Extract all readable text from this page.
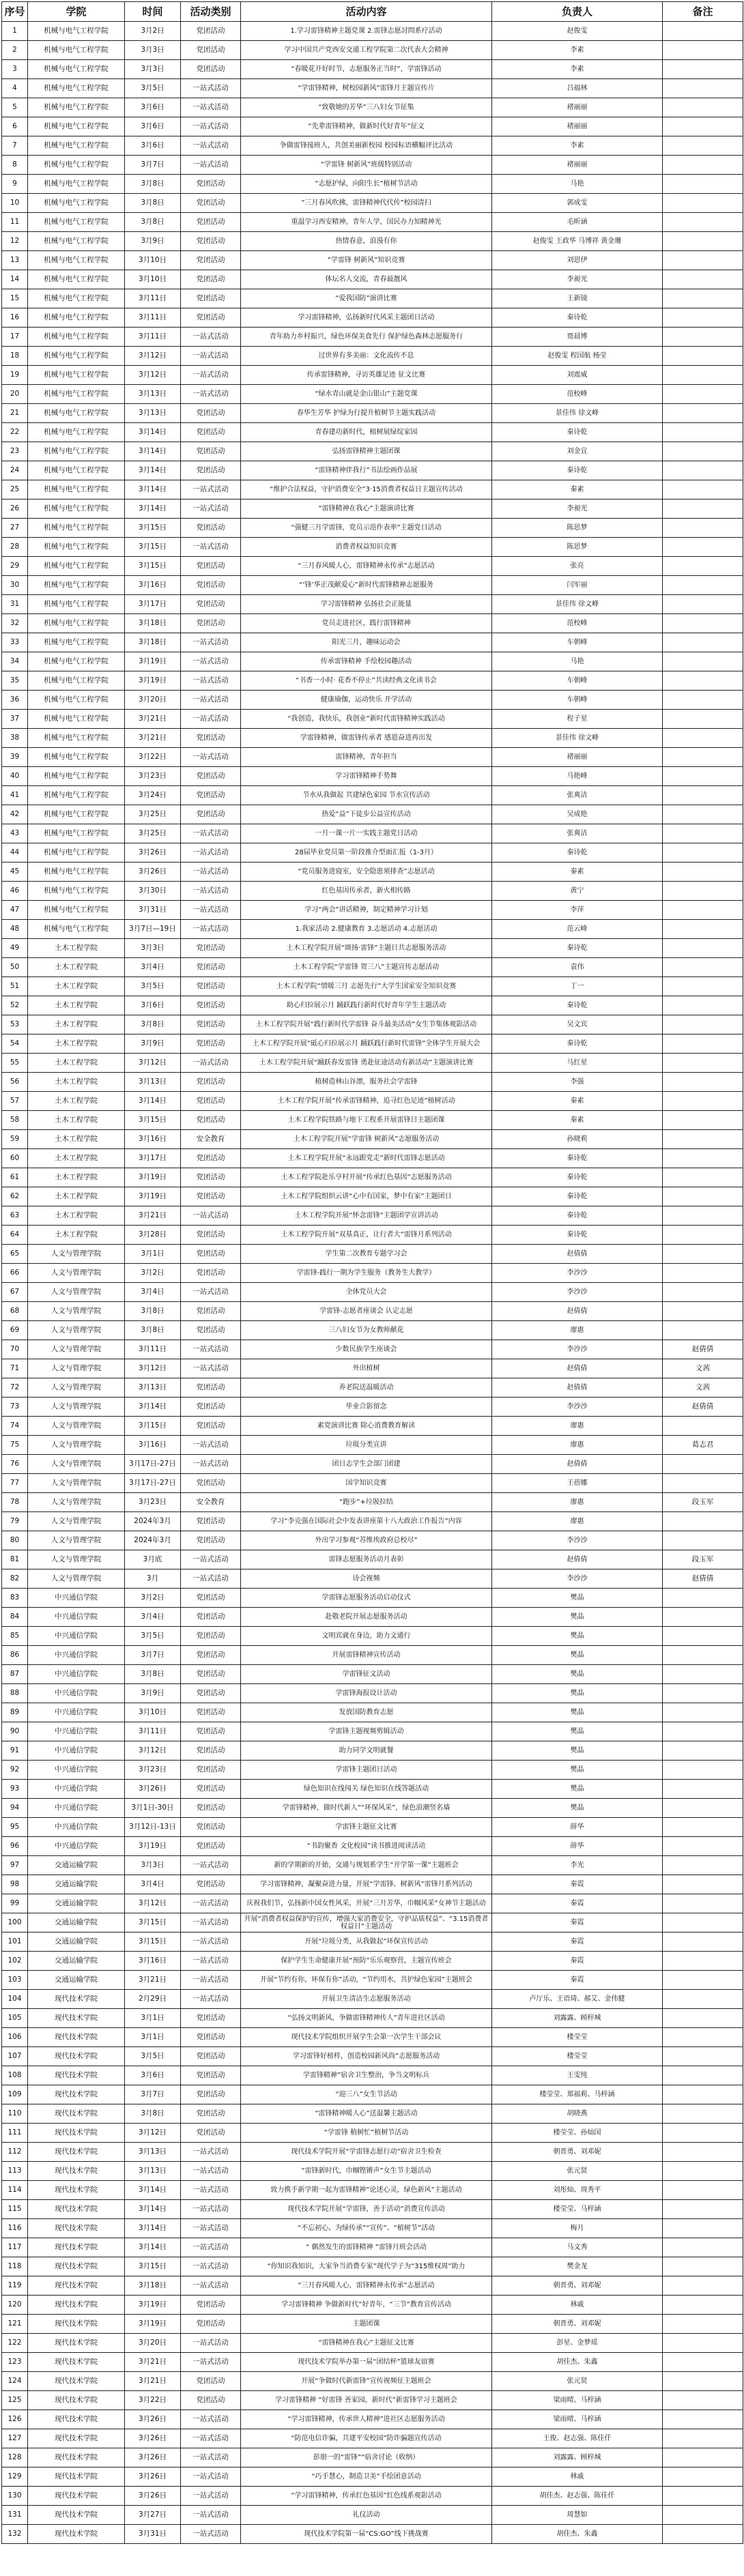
序号	学院	时间	活动类别	活动内容	负责人	备注
1	机械与电气工程学院	3月2日	党团活动	1.学习雷锋精神主题党课 2.雷锋志愿討問系疗活动	赵俊雯	
2	机械与电气工程学院	3月3日	党团活动	学习中国共产党西安交通工程学院第二次代表大会精神	李素	
3	机械与电气工程学院	3月3日	党团活动	“春暖花开好时节，志愿服务正当时”，学雷锋活动	李素	
4	机械与电气工程学院	3月5日	一站式活动	“学雷锋精神，树校园新风”雷锋月主题宣传片	吕福林	
5	机械与电气工程学院	3月6日	一站式活动	“致敬她的芳华”三八妇女节征集	褚丽丽	
6	机械与电气工程学院	3月6日	一站式活动	“先辈雷锋精神，做新时代好青年”征文	褚丽丽	
7	机械与电气工程学院	3月6日	一站式活动	争做雷锋接班人，共创美丽新校园 校园标语横幅评比活动	李素	
8	机械与电气工程学院	3月7日	一站式活动	“学雷锋 树新风”班级特别活动	褚丽丽	
9	机械与电气工程学院	3月8日	党团活动	“志愿护绿，向阳生长”植树节活动	马艳	
10	机械与电气工程学院	3月8日	党团活动	“三月春风吹拂，雷锋精神代代传”校园清扫	郭成雯	
11	机械与电气工程学院	3月8日	党团活动	重温学习西安精神，青年人学，国民办力知精神光	毛昕涵	
12	机械与电气工程学院	3月9日	党团活动	热情春意，浪漫有你	赵俊雯 王政华 马博祥 黄金珊	
13	机械与电气工程学院	3月10日	党团活动	“学雷锋 树新风”知识竞赛	刘思伊	
14	机械与电气工程学院	3月10日	党团活动	体坛名人交流，青春最靓风	李昶光	
15	机械与电气工程学院	3月11日	党团活动	“爱我国防”演讲比赛	王新镜	
16	机械与电气工程学院	3月11日	党团活动	学习雷锋精神，弘扬新时代风采主题团日活动	秦诗乾	
17	机械与电气工程学院	3月11日	一站式活动	青年助力乡村振兴，绿色环保美食先行 保护绿色森林志愿服务行	贾晨博	
18	机械与电气工程学院	3月12日	一站式活动	过世界有多美丽：文化流传不息	赵俊雯 程国航 杨莹	
19	机械与电气工程学院	3月12日	一站式活动	传承雷锋精神，寻访英雄足迹 征文比赛	刘震威	
20	机械与电气工程学院	3月13日	一站式活动	“绿水青山就是金山银山”主题党课	范校峰	
21	机械与电气工程学院	3月13日	党团活动	春华生芳华 护绿为行提升植树节主题实践活动	景佳伟 徐文峰	
22	机械与电气工程学院	3月14日	党团活动	青春建功新时代，植树展绿绽家园	秦诗乾	
23	机械与电气工程学院	3月14日	党团活动	弘扬雷锋精神主题团课	刘金宜	
24	机械与电气工程学院	3月14日	党团活动	“雷锋精神伴我行”书法绘画作品展	秦诗乾	
25	机械与电气工程学院	3月14日	一站式活动	“维护合法权益，守护消费安全”3·15消费者权益日主题宣传活动	秦素	
26	机械与电气工程学院	3月14日	一站式活动	“雷锋精神在我心”主题演讲比赛	李昶光	
27	机械与电气工程学院	3月15日	党团活动	“强健三月学雷锋，党员示范作表率”主题党日活动	陈思梦	
28	机械与电气工程学院	3月15日	一站式活动	消费者权益知识竞赛	陈思梦	
29	机械与电气工程学院	3月15日	党团活动	“三月春风暖人心，雷锋精神永传承”志愿活动	张亮	
30	机械与电气工程学院	3月16日	党团活动	“‘锋’华正茂献爱心”新时代雷锋精神志愿服务	闫军丽	
31	机械与电气工程学院	3月17日	党团活动	学习雷锋精神 弘扬社会正能量	景佳伟 徐文峰	
32	机械与电气工程学院	3月18日	党团活动	党员走进社区，践行雷锋精神	范校峰	
33	机械与电气工程学院	3月18日	一站式活动	阳光三月，趣味运动会	车朝峰	
34	机械与电气工程学院	3月19日	一站式活动	传承雷锋精神 手绘校园趣活动	马艳	
35	机械与电气工程学院	3月19日	一站式活动	“书香一小时· 花香不停止”共读经典文化读书会	车朝峰	
36	机械与电气工程学院	3月20日	一站式活动	健康瑜伽，运动快乐 开学活动	车朝峰	
37	机械与电气工程学院	3月21日	一站式活动	“我创造，我快乐，我创业”新时代雷锋精神实践活动	程子星	
38	机械与电气工程学院	3月21日	党团活动	学雷锋精神，做雷锋传承者 感恩奋进再出发	景佳伟 徐文峰	
39	机械与电气工程学院	3月22日	一站式活动	雷锋精神，青年担当	褚丽丽	
40	机械与电气工程学院	3月23日	党团活动	学习雷锋精神手势舞	马艳峰	
41	机械与电气工程学院	3月24日	党团活动	节水从我做起 共建绿色家园 节水宣传活动	张爽洁	
42	机械与电气工程学院	3月25日	党团活动	热爱“益”下徒步公益宣传活动	吴成艳	
43	机械与电气工程学院	3月25日	一站式活动	一月一课一片一实践主题党日活动	张爽洁	
44	机械与电气工程学院	3月26日	一站式活动	28届毕业党员第一阶段推介型面汇报（1-3月）	秦诗乾	
45	机械与电气工程学院	3月26日	一站式活动	“党员服务进寝室，安全隐患须排查”志愿活动	秦素	
46	机械与电气工程学院	3月30日	一站式活动	红色基因传承者，新火相传路	黄宁	
47	机械与电气工程学院	3月31日	一站式活动	学习“两会”讲话精神，制定精神学习计划	李萍	
48	机械与电气工程学院	3月7日—19日	一站式活动	1.我家活动 2.健康教育 3.志愿活动 4.志愿活动	范云峰	
49	土木工程学院	3月3日	党团活动	土木工程学院开展“颂扬·雷锋”主题日共志愿服务活动	秦诗乾	
50	土木工程学院	3月4日	党团活动	土木工程学院“学雷锋 贺三八”主题宣传志愿活动	袁伟	
51	土木工程学院	3月5日	党团活动	土木工程学院“情暖三月 志愿先行”大学生国家安全知识竞赛	丁一	
52	土木工程学院	3月6日	党团活动	助心归拉展示月 踊跃践行新时代好青年学生主题活动	秦诗乾	
53	土木工程学院	3月8日	党团活动	土木工程学院开展“践行新时代学雷锋 奋斗最美活动”女生节集体观影活动	吴文宾	
54	土木工程学院	3月9日	党团活动	土木工程学院开展“砥心归拉展示月 踊跃践行新时代雷锋”全体学生开展大会	秦诗乾	
55	土木工程学院	3月12日	一站式活动	土木工程学院开展“踊跃春发雷锋 勇赴征途活动有新活动”主题演讲比赛	马红星	
56	土木工程学院	3月13日	党团活动	植树造林山谷漂，服务社会学雷锋	李强	
57	土木工程学院	3月14日	党团活动	土木工程学院开展“传承雷锋精神，追寻红色足迹”植树活动	秦素	
58	土木工程学院	3月15日	党团活动	土木工程学院铁路与地下工程系开展雷锋日主题团课	秦素	
59	土木工程学院	3月16日	安全教育	土木工程学院开展“学雷锋 树新风”志愿服务活动	孙晓莉	
60	土木工程学院	3月17日	党团活动	土木工程学院开展“永远跟党走”新时代雷锋志愿活动	秦诗乾	
61	土木工程学院	3月19日	党团活动	土木工程学院赴乐亨村开展“传承红色基因”志愿服务活动	秦诗乾	
62	土木工程学院	3月19日	党团活动	土木工程学院组织云讲“心中有国家，梦中有家”主题团日	秦诗乾	
63	土木工程学院	3月21日	一站式活动	土木工程学院开展“怀念雷锋”主题团学宣讲活动	秦诗乾	
64	土木工程学院	3月28日	党团活动	土木工程学院开展“双基真正，让行者大”雷锋月系列活动	秦诗乾	
65	人文与管理学院	3月1日	党团活动	学生第二次教育专题学习会	赵倩倩	
66	人文与管理学院	3月2日	党团活动	学雷锋-践行一期为学生服务（教务生大教学）	李沙沙	
67	人文与管理学院	3月4日	一站式活动	全体党员大会	李沙沙	
68	人文与管理学院	3月8日	党团活动	学雷锋-志愿者座谈会 认定志愿	赵倩倩	
69	人文与管理学院	3月8日	党团活动	三八妇女节为女教师献花	廖惠	
70	人文与管理学院	3月11日	一站式活动	少数民族学生座谈会	李沙沙	赵倩倩
71	人文与管理学院	3月12日	一站式活动	外出植树	赵倩倩	文茜
72	人文与管理学院	3月13日	党团活动	养老院送温暖活动	赵倩倩	文茜
73	人文与管理学院	3月14日	党团活动	毕业合影留念	李沙沙	赵倩倩
74	人文与管理学院	3月15日	党团活动	素党演讲比赛 除心消费教育解读	廖惠	
75	人文与管理学院	3月16日	一站式活动	垃圾分类宣讲	廖惠	葛志君
76	人文与管理学院	3月17日-27日	一站式活动	团日志学生会部门团建	赵倩倩	
77	人文与管理学院	3月17日-27日	党团活动	国学知识竞赛	王蓓娜	
78	人文与管理学院	3月23日	安全教育	“跑步”+垃圾拉结	廖惠	段玉军
79	人文与管理学院	2024年3月	党团活动	学习“李克强在国际社会中发表讲座第十八大政治工作报告”内容	廖惠	
80	人文与管理学院	2024年3月	党团活动	外出学习参观“苏维埃政府总校尽”	李沙沙	
81	人文与管理学院	3月底	一站式活动	雷锋志愿服务活动月表彰	赵倩倩	段玉军
82	人文与管理学院	3月	一站式活动	诗会视频	李沙沙	赵倩倩
83	中兴通信学院	3月2日	党团活动	学雷锋志愿服务活动启动仪式	樊晶	
84	中兴通信学院	3月4日	党团活动	赴敬老院开展志愿服务活动	樊晶	
85	中兴通信学院	3月5日	党团活动	文明宾就在身边，助力文通行	樊晶	
86	中兴通信学院	3月7日	党团活动	开展雷锋精神宣传活动	樊晶	
87	中兴通信学院	3月8日	党团活动	学雷锋征文活动	樊晶	
88	中兴通信学院	3月9日	党团活动	学雷锋海报设计活动	樊晶	
89	中兴通信学院	3月10日	党团活动	发放国防教育志愿	樊晶	
90	中兴通信学院	3月11日	党团活动	学雷锋主题视频剪辑活动	樊晶	
91	中兴通信学院	3月12日	党团活动	助力同学文明就餐	樊晶	
92	中兴通信学院	3月23日	党团活动	学雷锋主题团日活动	樊晶	
93	中兴通信学院	3月26日	党团活动	绿色知识在线闯关 绿色知识在线答题活动	樊晶	
94	中兴通信学院	3月1日-30日	党团活动	学雷锋精神，做时代新人”“环保风采”，绿色浪潮竖名墙	樊晶	
95	中兴通信学院	3月12日-13日	党团活动	学雷锋主题征文比赛	薛华	
96	中兴通信学院	3月19日	党团活动	“书韵聚香 文化校园”读书推进阅读活动	薛华	
97	交通运输学院	3月3日	一站式活动	新的学期新的开始，交通与规划系学生“开学第一课”主题班会	李光	
98	交通运输学院	3月4日	党团活动	学习雷锋精神，凝聚奋进力量，开展“学雷锋、树新风”雷锋月系列活动	秦霞	
99	交通运输学院	3月12日	一站式活动	庆祝我们节，弘扬新中国女性风采，开展“三月芳华，巾帼风采”女神节主题活动	秦霞	
100	交通运输学院	3月15日	一站式活动	开展“消费者权益保护的宣传，增强大家消费安全，守护品质权益”、“3.15消费者权益日”主题活动	秦霞	
101	交通运输学院	3月15日	一站式活动	开展“垃圾分类，从我做起”环保宣传活动	秦霞	
102	交通运输学院	3月16日	一站式活动	保护学生生命健康开展“预防”乐乐观察营，主题宣传班会	秦霞	
103	交通运输学院	3月21日	一站式活动	开展“节约有你，环保有你”活动，“节约用水，共护绿色家园”主题班会	秦霞	
104	现代技术学院	2月29日	一站式活动	开展卫生清洁生志愿服务活动	卢厅乐、王语琦、郝艾、金伟健	
105	现代技术学院	3月1日	党团活动	“弘扬文明新风，争做雷锋精神传人”青年进社区活动	刘露露、顾梓城	
106	现代技术学院	3月1日	党团活动	现代技术学院组织开展学生会第一次学生干部会议	楼莹莹	
107	现代技术学院	3月5日	党团活动	学习雷锋好榜样，创造校园新风尚”志愿服务活动	楼莹莹	
108	现代技术学院	3月6日	党团活动	学雷锋精神”宿舍卫生整治，争当文明标兵	王雯纯	
109	现代技术学院	3月7日	党团活动	“迎三八”女生节活动	楼莹莹、郑福莉、马梓涵	
110	现代技术学院	3月8日	党团活动	“雷锋精神暖人心”送温馨主题活动	胡晓燕	
111	现代技术学院	3月12日	党团活动	“学雷锋 植树忙”植树节活动	楼莹莹、孙灿国	
112	现代技术学院	3月13日	一站式活动	现代技术学院开展“学雷锋志愿行动”宿舍卫生检查	朝晋勇、刘邓妮	
113	现代技术学院	3月13日	一站式活动	“雷锋新时代，巾帼铿锵声”女生节主题活动	张元贤	
114	现代技术学院	3月14日	一站式活动	致力携手新学期一起为雷锋精神”论述心灵，绿色新风”主题活动	刘彤灿、周秀平	
115	现代技术学院	3月14日	一站式活动	现代技术学院开展“学雷锋，善于活动”消费宣传活动	楼莹莹、马梓涵	
116	现代技术学院	3月14日	一站式活动	“不忘初心、为绿传承”“宣传”、“植树节”活动	梅月	
117	现代技术学院	3月14日	一站式活动	“ 偶然发生的雷锋精神 ”雷锋月班会活动	马文秀	
118	现代技术学院	3月15日	一站式活动	“你知识我知识，大家争当消费专家”现代学子为“315维权周”助力	樊金龙	
119	现代技术学院	3月18日	一站式活动	“三月春风暖人心，雷锋精神永传承”志愿活动	朝晋勇、刘邓妮	
120	现代技术学院	3月19日	党团活动	学习雷锋精神 争做新时代”好青年，“三节”教育宣传活动	林戚	
121	现代技术学院	3月19日	党团活动	主题团课	朝晋勇、刘邓妮	
122	现代技术学院	3月20日	一站式活动	“雷锋精神在我心”主题征文比赛	彭星、金梦瑶	
123	现代技术学院	3月21日	一站式活动	现代技术学院举办第一届“团结杯”篮球友谊赛	胡佳杰、朱鑫	
124	现代技术学院	3月21日	党团活动	开展“争做时代新雷锋”宣传视频征主题班会	张元贤	
125	现代技术学院	3月22日	党团活动	学习雷锋精神 “好雷锋 善家园，新时代”新雷锋学习主题班会	梁雨晴、马梓涵	
126	现代技术学院	3月26日	一站式活动	“学习雷锋精神，传承世人精神”进社区志愿服务活动	梁雨晴、马梓涵	
127	现代技术学院	3月26日	一站式活动	“防范电信诈骗，共建平安校园”防诈骗题宣传活动	王俊、赵志强、陈佳仟	
128	现代技术学院	3月26日	一站式活动	彭朋一的“雷锋”“宿舍讨论（收纳）	刘露露、顾梓城	
129	现代技术学院	3月26日	一站式活动	“巧手慧心，制造卫美”手绘团意活动	林戚	
130	现代技术学院	3月26日	一站式活动	“学习雷锋精神，传承红色基因”红色线系观影活动	胡佳杰、赵志强、陈佳仟	
131	现代技术学院	3月27日	一站式活动	礼仪活动	周慧如	
132	现代技术学院	3月31日	一站式活动	现代技术学院第一届“CS:GO”线下挑战赛	胡佳杰、朱鑫	
